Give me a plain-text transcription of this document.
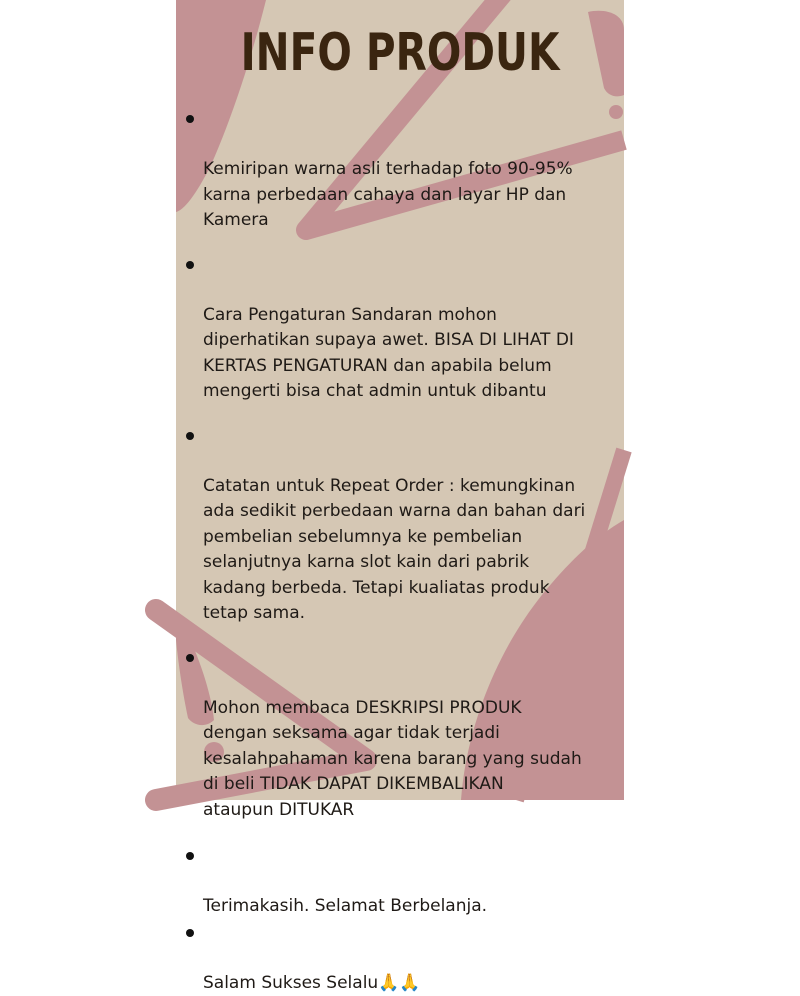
INFO PRODUK

Kemiripan warna asli terhadap foto 90-95%
karna perbedaan cahaya dan layar HP dan
Kamera

Cara Pengaturan Sandaran mohon
diperhatikan supaya awet. BISA DI LIHAT DI
KERTAS PENGATURAN dan apabila belum
mengerti bisa chat admin untuk dibantu

Catatan untuk Repeat Order : kemungkinan
ada sedikit perbedaan warna dan bahan dari
pembelian sebelumnya ke pembelian
selanjutnya karna slot kain dari pabrik
kadang berbeda. Tetapi kualiatas produk
tetap sama.

Mohon membaca DESKRIPSI PRODUK
dengan seksama agar tidak terjadi
kesalahpahaman karena barang yang sudah
di beli TIDAK DAPAT DIKEMBALIKAN
ataupun DITUKAR

Terimakasih. Selamat Berbelanja.

Salam Sukses Selalu🙏🙏
